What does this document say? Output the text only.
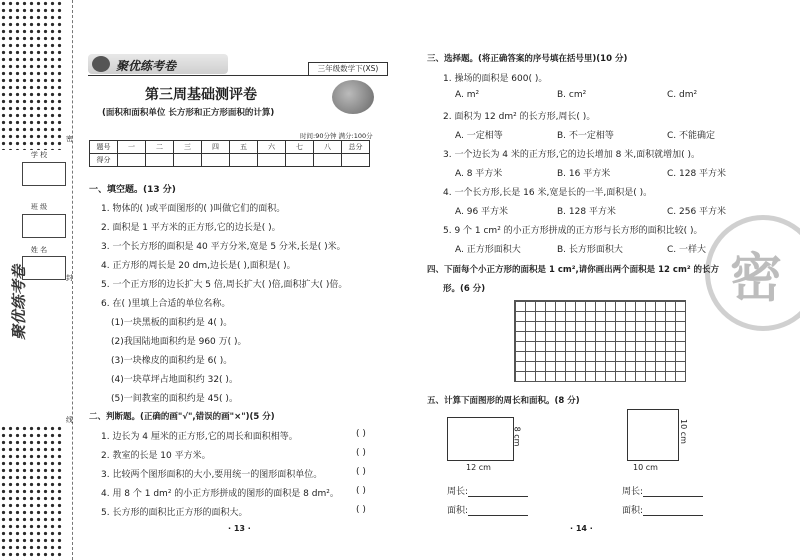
密
封
线
学 校
班 级
姓 名
聚优练考卷
聚优练考卷	三年级数学下(XS)
第三周基础测评卷
(面积和面积单位 长方形和正方形面积的计算)
时间:90分钟 满分:100分
题号	一	二	三	四	五	六	七	八	总分
得分									
一、填空题。(13 分)
1. 物体的( )或平面图形的( )叫做它们的面积。
2. 面积是 1 平方米的正方形,它的边长是( )。
3. 一个长方形的面积是 40 平方分米,宽是 5 分米,长是( )米。
4. 正方形的周长是 20 dm,边长是( ),面积是( )。
5. 一个正方形的边长扩大 5 倍,周长扩大( )倍,面积扩大( )倍。
6. 在( )里填上合适的单位名称。
(1)一块黑板的面积约是 4( )。
(2)我国陆地面积约是 960 万( )。
(3)一块橡皮的面积约是 6( )。
(4)一块草坪占地面积约 32( )。
(5)一间教室的面积约是 45( )。
二、判断题。(正确的画"√",错误的画"×")(5 分)
1. 边长为 4 厘米的正方形,它的周长和面积相等。	( )
2. 教室的长是 10 平方米。	( )
3. 比较两个图形面积的大小,要用统一的图形面积单位。	( )
4. 用 8 个 1 dm² 的小正方形拼成的图形的面积是 8 dm²。 ( )
5. 长方形的面积比正方形的面积大。	( )
· 13 ·
三、选择题。(将正确答案的序号填在括号里)(10 分)
1. 操场的面积是 600( )。
A. m²	B. cm²	C. dm²
2. 面积为 12 dm² 的长方形,周长( )。
A. 一定相等	B. 不一定相等	C. 不能确定
3. 一个边长为 4 米的正方形,它的边长增加 8 米,面积就增加( )。
A. 8 平方米	B. 16 平方米	C. 128 平方米
4. 一个长方形,长是 16 米,宽是长的一半,面积是( )。
A. 96 平方米	B. 128 平方米	C. 256 平方米
5. 9 个 1 cm² 的小正方形拼成的正方形与长方形的面积比较( )。
A. 正方形面积大	B. 长方形面积大	C. 一样大 密
四、下面每个小正方形的面积是 1 cm²,请你画出两个面积是 12 cm² 的长方
形。(6 分)
五、计算下面图形的周长和面积。(8 分)
12 cm
8 cm
10 cm
10 cm
周长:
面积:
周长:
面积:
· 14 ·
